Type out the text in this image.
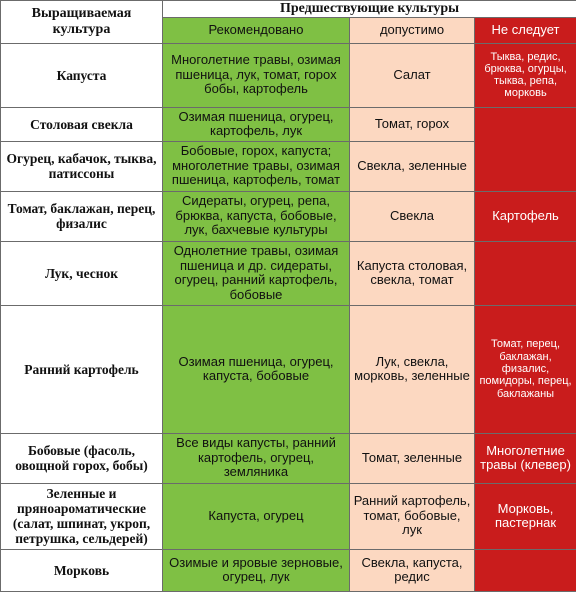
Выращиваемая культура	Предшествующие культуры		
	Рекомендовано	допустимо	Не следует
Капуста	Многолетние травы, озимая пшеница, лук, томат, горох бобы, картофель	Салат	Тыква, редис, брюква, огурцы, тыква, репа, морковь
Столовая свекла	Озимая пшеница, огурец, картофель, лук	Томат, горох	
Огурец, кабачок, тыква, патиссоны	Бобовые, горох, капуста; многолетние травы, озимая пшеница, картофель, томат	Свекла, зеленные	
Томат, баклажан, перец, физалис	Сидераты, огурец, репа, брюква, капуста, бобовые, лук, бахчевые культуры	Свекла	Картофель
Лук, чеснок	Однолетние травы, озимая пшеница и др. сидераты, огурец, ранний картофель, бобовые	Капуста столовая, свекла, томат	
Ранний картофель	Озимая пшеница, огурец, капуста, бобовые	Лук, свекла, морковь, зеленные	Томат, перец, баклажан, физалис, помидоры, перец, баклажаны
Бобовые (фасоль, овощной горох, бобы)	Все виды капусты, ранний картофель, огурец, земляника	Томат, зеленные	Многолетние травы (клевер)
Зеленные и пряноароматические (салат, шпинат, укроп, петрушка, сельдерей)	Капуста, огурец	Ранний картофель, томат, бобовые, лук	Морковь, пастернак
Морковь	Озимые и яровые зерновые, огурец, лук	Свекла, капуста, редис	
